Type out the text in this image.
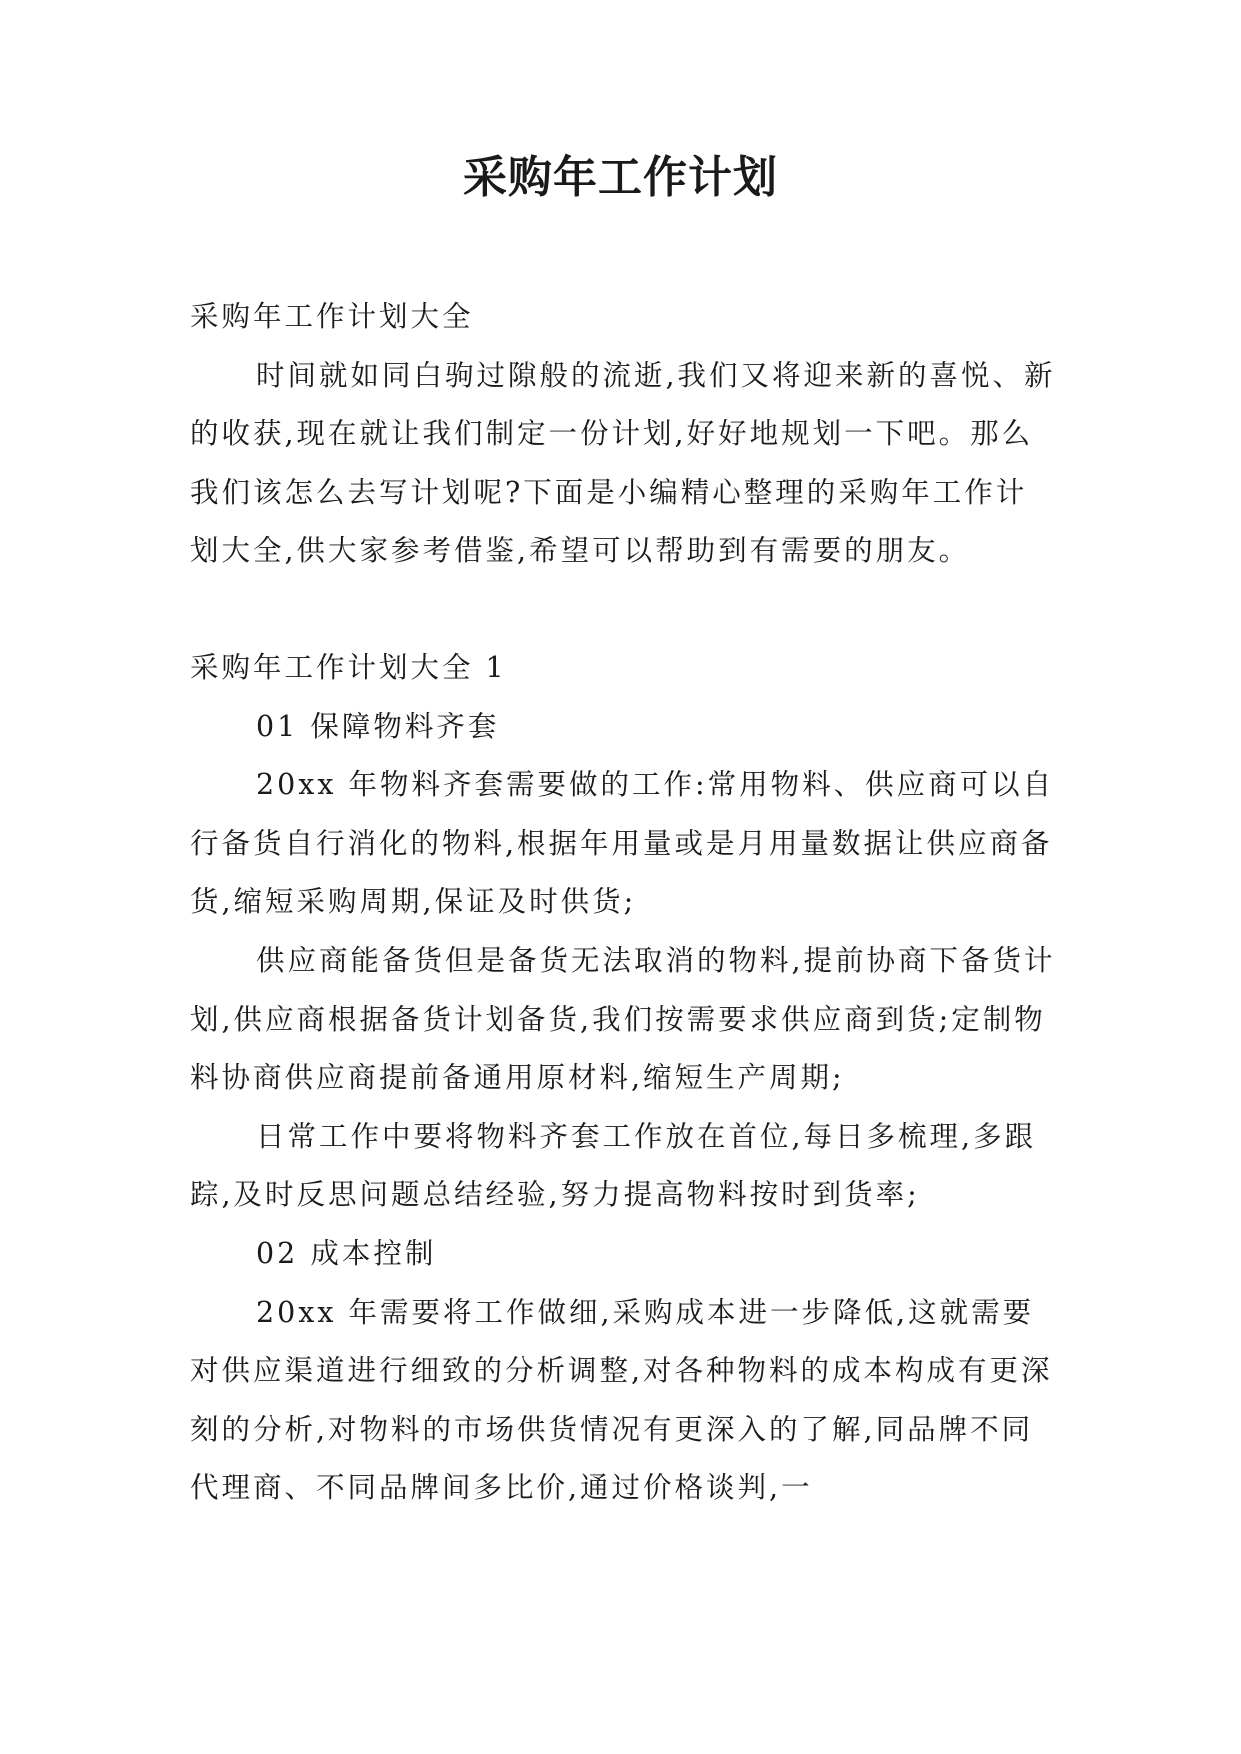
采购年工作计划

采购年工作计划大全

时间就如同白驹过隙般的流逝,我们又将迎来新的喜悦、新的收获,现在就让我们制定一份计划,好好地规划一下吧。那么我们该怎么去写计划呢?下面是小编精心整理的采购年工作计划大全,供大家参考借鉴,希望可以帮助到有需要的朋友。

采购年工作计划大全 1

01 保障物料齐套

20xx 年物料齐套需要做的工作:常用物料、供应商可以自行备货自行消化的物料,根据年用量或是月用量数据让供应商备货,缩短采购周期,保证及时供货;

供应商能备货但是备货无法取消的物料,提前协商下备货计划,供应商根据备货计划备货,我们按需要求供应商到货;定制物料协商供应商提前备通用原材料,缩短生产周期;

日常工作中要将物料齐套工作放在首位,每日多梳理,多跟踪,及时反思问题总结经验,努力提高物料按时到货率;

02 成本控制

20xx 年需要将工作做细,采购成本进一步降低,这就需要对供应渠道进行细致的分析调整,对各种物料的成本构成有更深刻的分析,对物料的市场供货情况有更深入的了解,同品牌不同代理商、不同品牌间多比价,通过价格谈判,一
